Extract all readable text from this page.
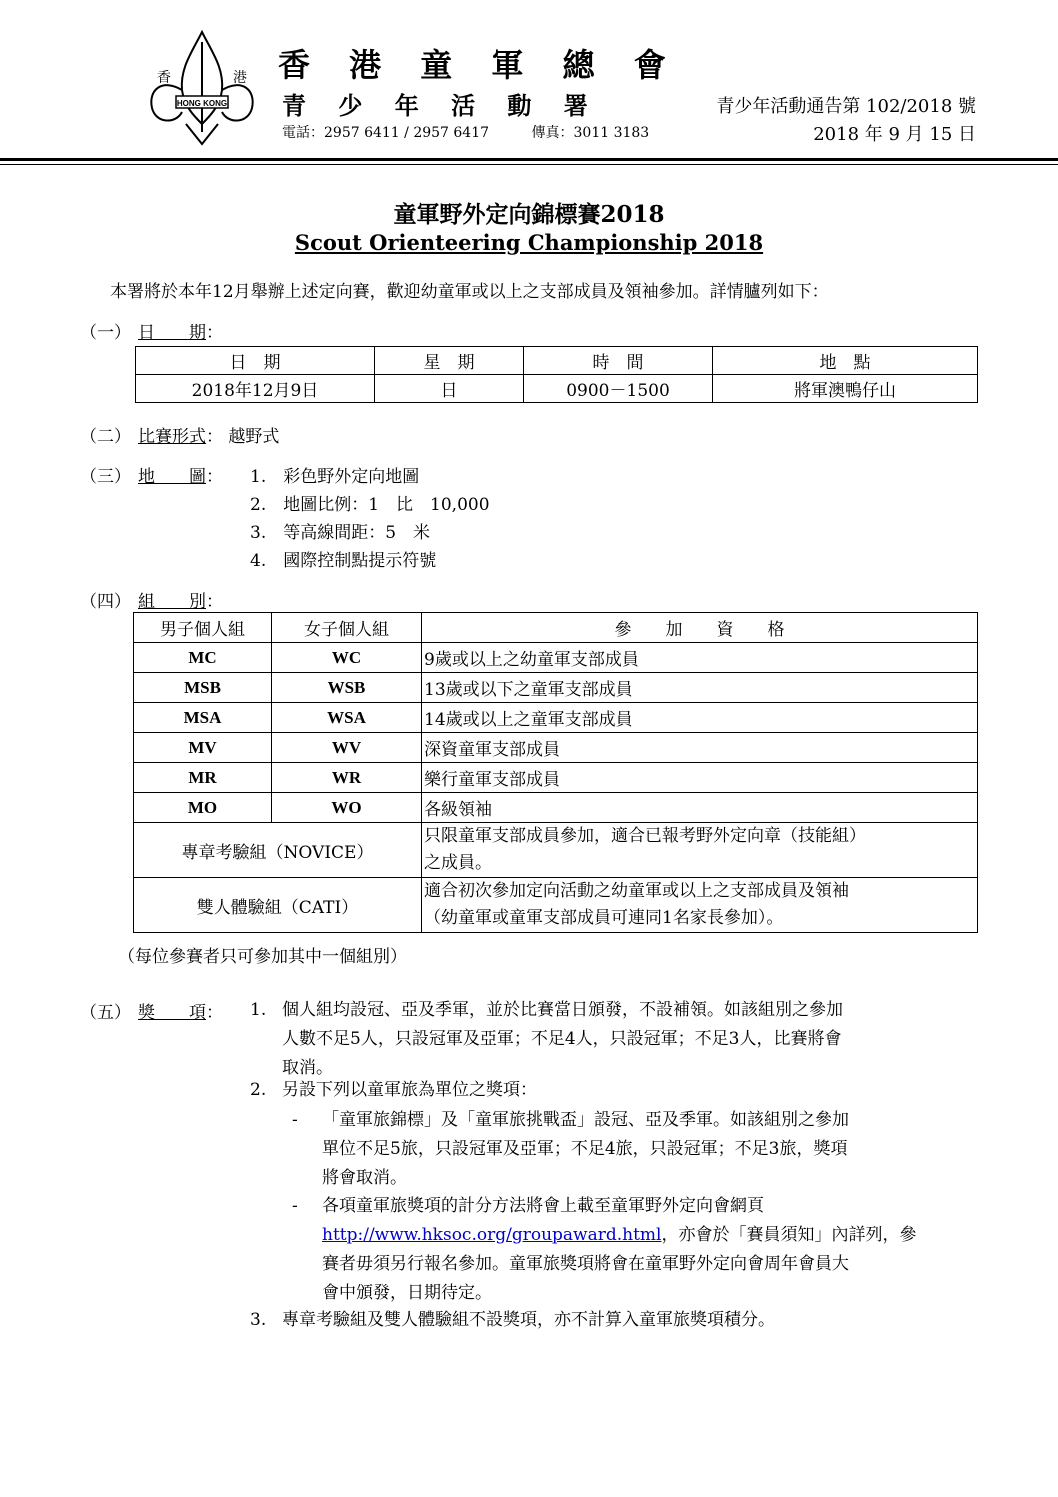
HONG KONG
香	港 香 港 童 軍 總 會
青 少 年 活 動 署
電話：2957 6411 / 2957 6417	傳真：3011 3183
青少年活動通告第 102/2018 號
2018 年 9 月 15 日
童軍野外定向錦標賽2018
Scout Orienteering Championship 2018
本署將於本年12月舉辦上述定向賽，歡迎幼童軍或以上之支部成員及領袖參加。詳情臚列如下：
（一） 日　　期：
日　期	星　期	時　間	地　點
2018年12月9日	日	0900－1500	將軍澳鴨仔山
（二） 比賽形式： 越野式
（三） 地　　圖： 1.　彩色野外定向地圖
2.　地圖比例：1　比　10,000
3.　等高線間距：5　米
4.　國際控制點提示符號
（四） 組　　別：
男子個人組	女子個人組	參　　加　　資　　格
MC	WC	9歲或以上之幼童軍支部成員
MSB	WSB	13歲或以下之童軍支部成員
MSA	WSA	14歲或以上之童軍支部成員
MV	WV	深資童軍支部成員
MR	WR	樂行童軍支部成員
MO	WO	各級領袖
專章考驗組（NOVICE）		只限童軍支部成員參加，適合已報考野外定向章（技能組）
之成員。

雙人體驗組（CATI）		適合初次參加定向活動之幼童軍或以上之支部成員及領袖
（幼童軍或童軍支部成員可連同1名家長參加）。
（每位參賽者只可參加其中一個組別）
（五） 獎　　項： 1. 個人組均設冠、亞及季軍，並於比賽當日頒發，不設補領。如該組別之參加
人數不足5人，只設冠軍及亞軍；不足4人，只設冠軍；不足3人，比賽將會
取消。
2. 另設下列以童軍旅為單位之獎項：
- 「童軍旅錦標」及「童軍旅挑戰盃」設冠、亞及季軍。如該組別之參加
單位不足5旅，只設冠軍及亞軍；不足4旅，只設冠軍；不足3旅，獎項
將會取消。
- 各項童軍旅獎項的計分方法將會上載至童軍野外定向會網頁
http://www.hksoc.org/groupaward.html，亦會於「賽員須知」內詳列，參
賽者毋須另行報名參加。童軍旅獎項將會在童軍野外定向會周年會員大
會中頒發，日期待定。
3. 專章考驗組及雙人體驗組不設獎項，亦不計算入童軍旅獎項積分。
